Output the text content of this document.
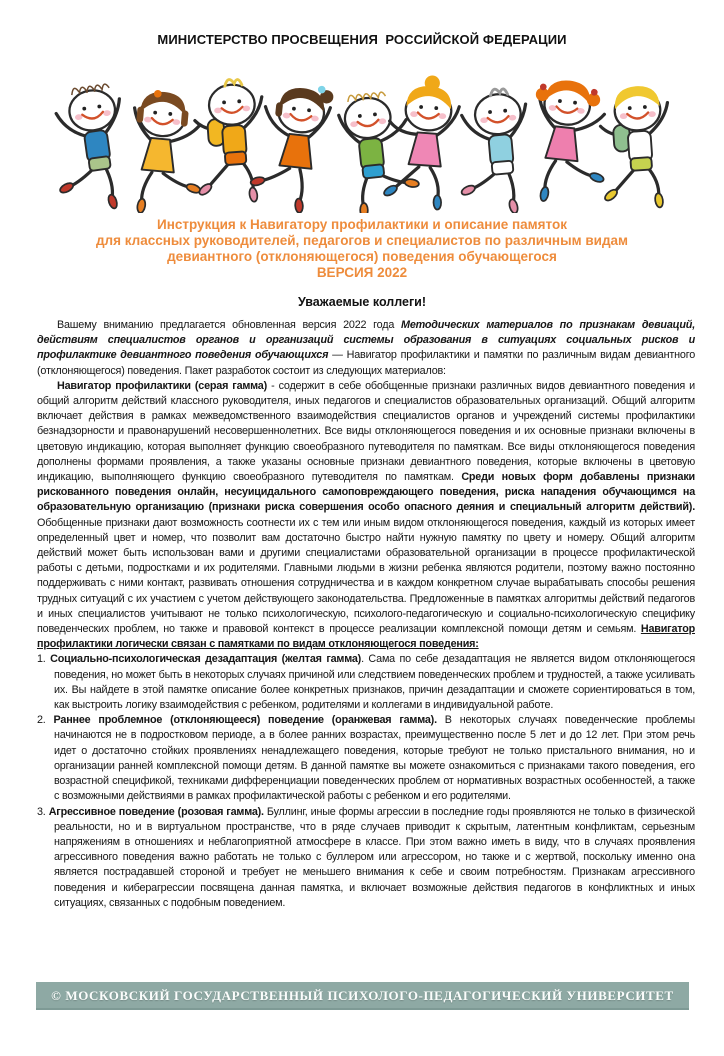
МИНИСТЕРСТВО ПРОСВЕЩЕНИЯ  РОССИЙСКОЙ ФЕДЕРАЦИИ
Инструкция к Навигатору профилактики и описание памяток
для классных руководителей, педагогов и специалистов по различным видам
девиантного (отклоняющегося) поведения обучающегося
ВЕРСИЯ 2022
Уважаемые коллеги!

Вашему вниманию предлагается обновленная версия 2022 года Методических материалов по признакам девиаций, действиям специалистов органов и организаций системы образования в ситуациях социальных рисков и профилактике девиантного поведения обучающихся — Навигатор профилактики и памятки по различным видам девиантного (отклоняющегося) поведения. Пакет разработок состоит из следующих материалов:

Навигатор профилактики (серая гамма) - содержит в себе обобщенные признаки различных видов девиантного поведения и общий алгоритм действий классного руководителя, иных педагогов и специалистов образовательных организаций. Общий алгоритм включает действия в рамках межведомственного взаимодействия специалистов органов и учреждений системы профилактики безнадзорности и правонарушений несовершеннолетних. Все виды отклоняющегося поведения и их основные признаки включены в цветовую индикацию, которая выполняет функцию своеобразного путеводителя по памяткам. Все виды отклоняющегося поведения дополнены формами проявления, а также указаны основные признаки девиантного поведения, которые включены в цветовую индикацию, выполняющего функцию своеобразного путеводителя по памяткам. Среди новых форм добавлены признаки рискованного поведения онлайн, несуицидального самоповреждающего поведения, риска нападения обучающимся на образовательную организацию (признаки риска совершения особо опасного деяния и специальный алгоритм действий). Обобщенные признаки дают возможность соотнести их с тем или иным видом отклоняющегося поведения, каждый из которых имеет определенный цвет и номер, что позволит вам достаточно быстро найти нужную памятку по цвету и номеру. Общий алгоритм действий может быть использован вами и другими специалистами образовательной организации в процессе профилактической работы с детьми, подростками и их родителями. Главными людьми в жизни ребенка являются родители, поэтому важно постоянно поддерживать с ними контакт, развивать отношения сотрудничества и в каждом конкретном случае вырабатывать способы решения трудных ситуаций с их участием с учетом действующего законодательства. Предложенные в памятках алгоритмы действий педагогов и иных специалистов учитывают не только психологическую, психолого-педагогическую и социально-психологическую специфику поведенческих проблем, но также и правовой контекст в процессе реализации комплексной помощи детям и семьям. Навигатор профилактики логически связан с памятками по видам отклоняющегося поведения:

1. Социально-психологическая дезадаптация (желтая гамма). Сама по себе дезадаптация не является видом отклоняющегося поведения, но может быть в некоторых случаях причиной или следствием поведенческих проблем и трудностей, а также усиливать их. Вы найдете в этой памятке описание более конкретных признаков, причин дезадаптации и сможете сориентироваться в том, как выстроить логику взаимодействия с ребенком, родителями и коллегами в индивидуальной работе.
2. Раннее проблемное (отклоняющееся) поведение (оранжевая гамма). В некоторых случаях поведенческие проблемы начинаются не в подростковом периоде, а в более ранних возрастах, преимущественно после 5 лет и до 12 лет. При этом речь идет о достаточно стойких проявлениях ненадлежащего поведения, которые требуют не только пристального внимания, но и организации ранней комплексной помощи детям. В данной памятке вы можете ознакомиться с признаками такого поведения, его возрастной спецификой, техниками дифференциации поведенческих проблем от нормативных возрастных особенностей, а также с возможными действиями в рамках профилактической работы с ребенком и его родителями.
3. Агрессивное поведение (розовая гамма). Буллинг, иные формы агрессии в последние годы проявляются не только в физической реальности, но и в виртуальном пространстве, что в ряде случаев приводит к скрытым, латентным конфликтам, серьезным напряжениям в отношениях и неблагоприятной атмосфере в классе. При этом важно иметь в виду, что в случаях проявления агрессивного поведения важно работать не только с буллером или агрессором, но также и с жертвой, поскольку именно она является пострадавшей стороной и требует не меньшего внимания к себе и своим потребностям. Признакам агрессивного поведения и киберагрессии посвящена данная памятка, и включает возможные действия педагогов в конфликтных и иных ситуациях, связанных с подобным поведением.
© МОСКОВСКИЙ ГОСУДАРСТВЕННЫЙ ПСИХОЛОГО-ПЕДАГОГИЧЕСКИЙ УНИВЕРСИТЕТ
